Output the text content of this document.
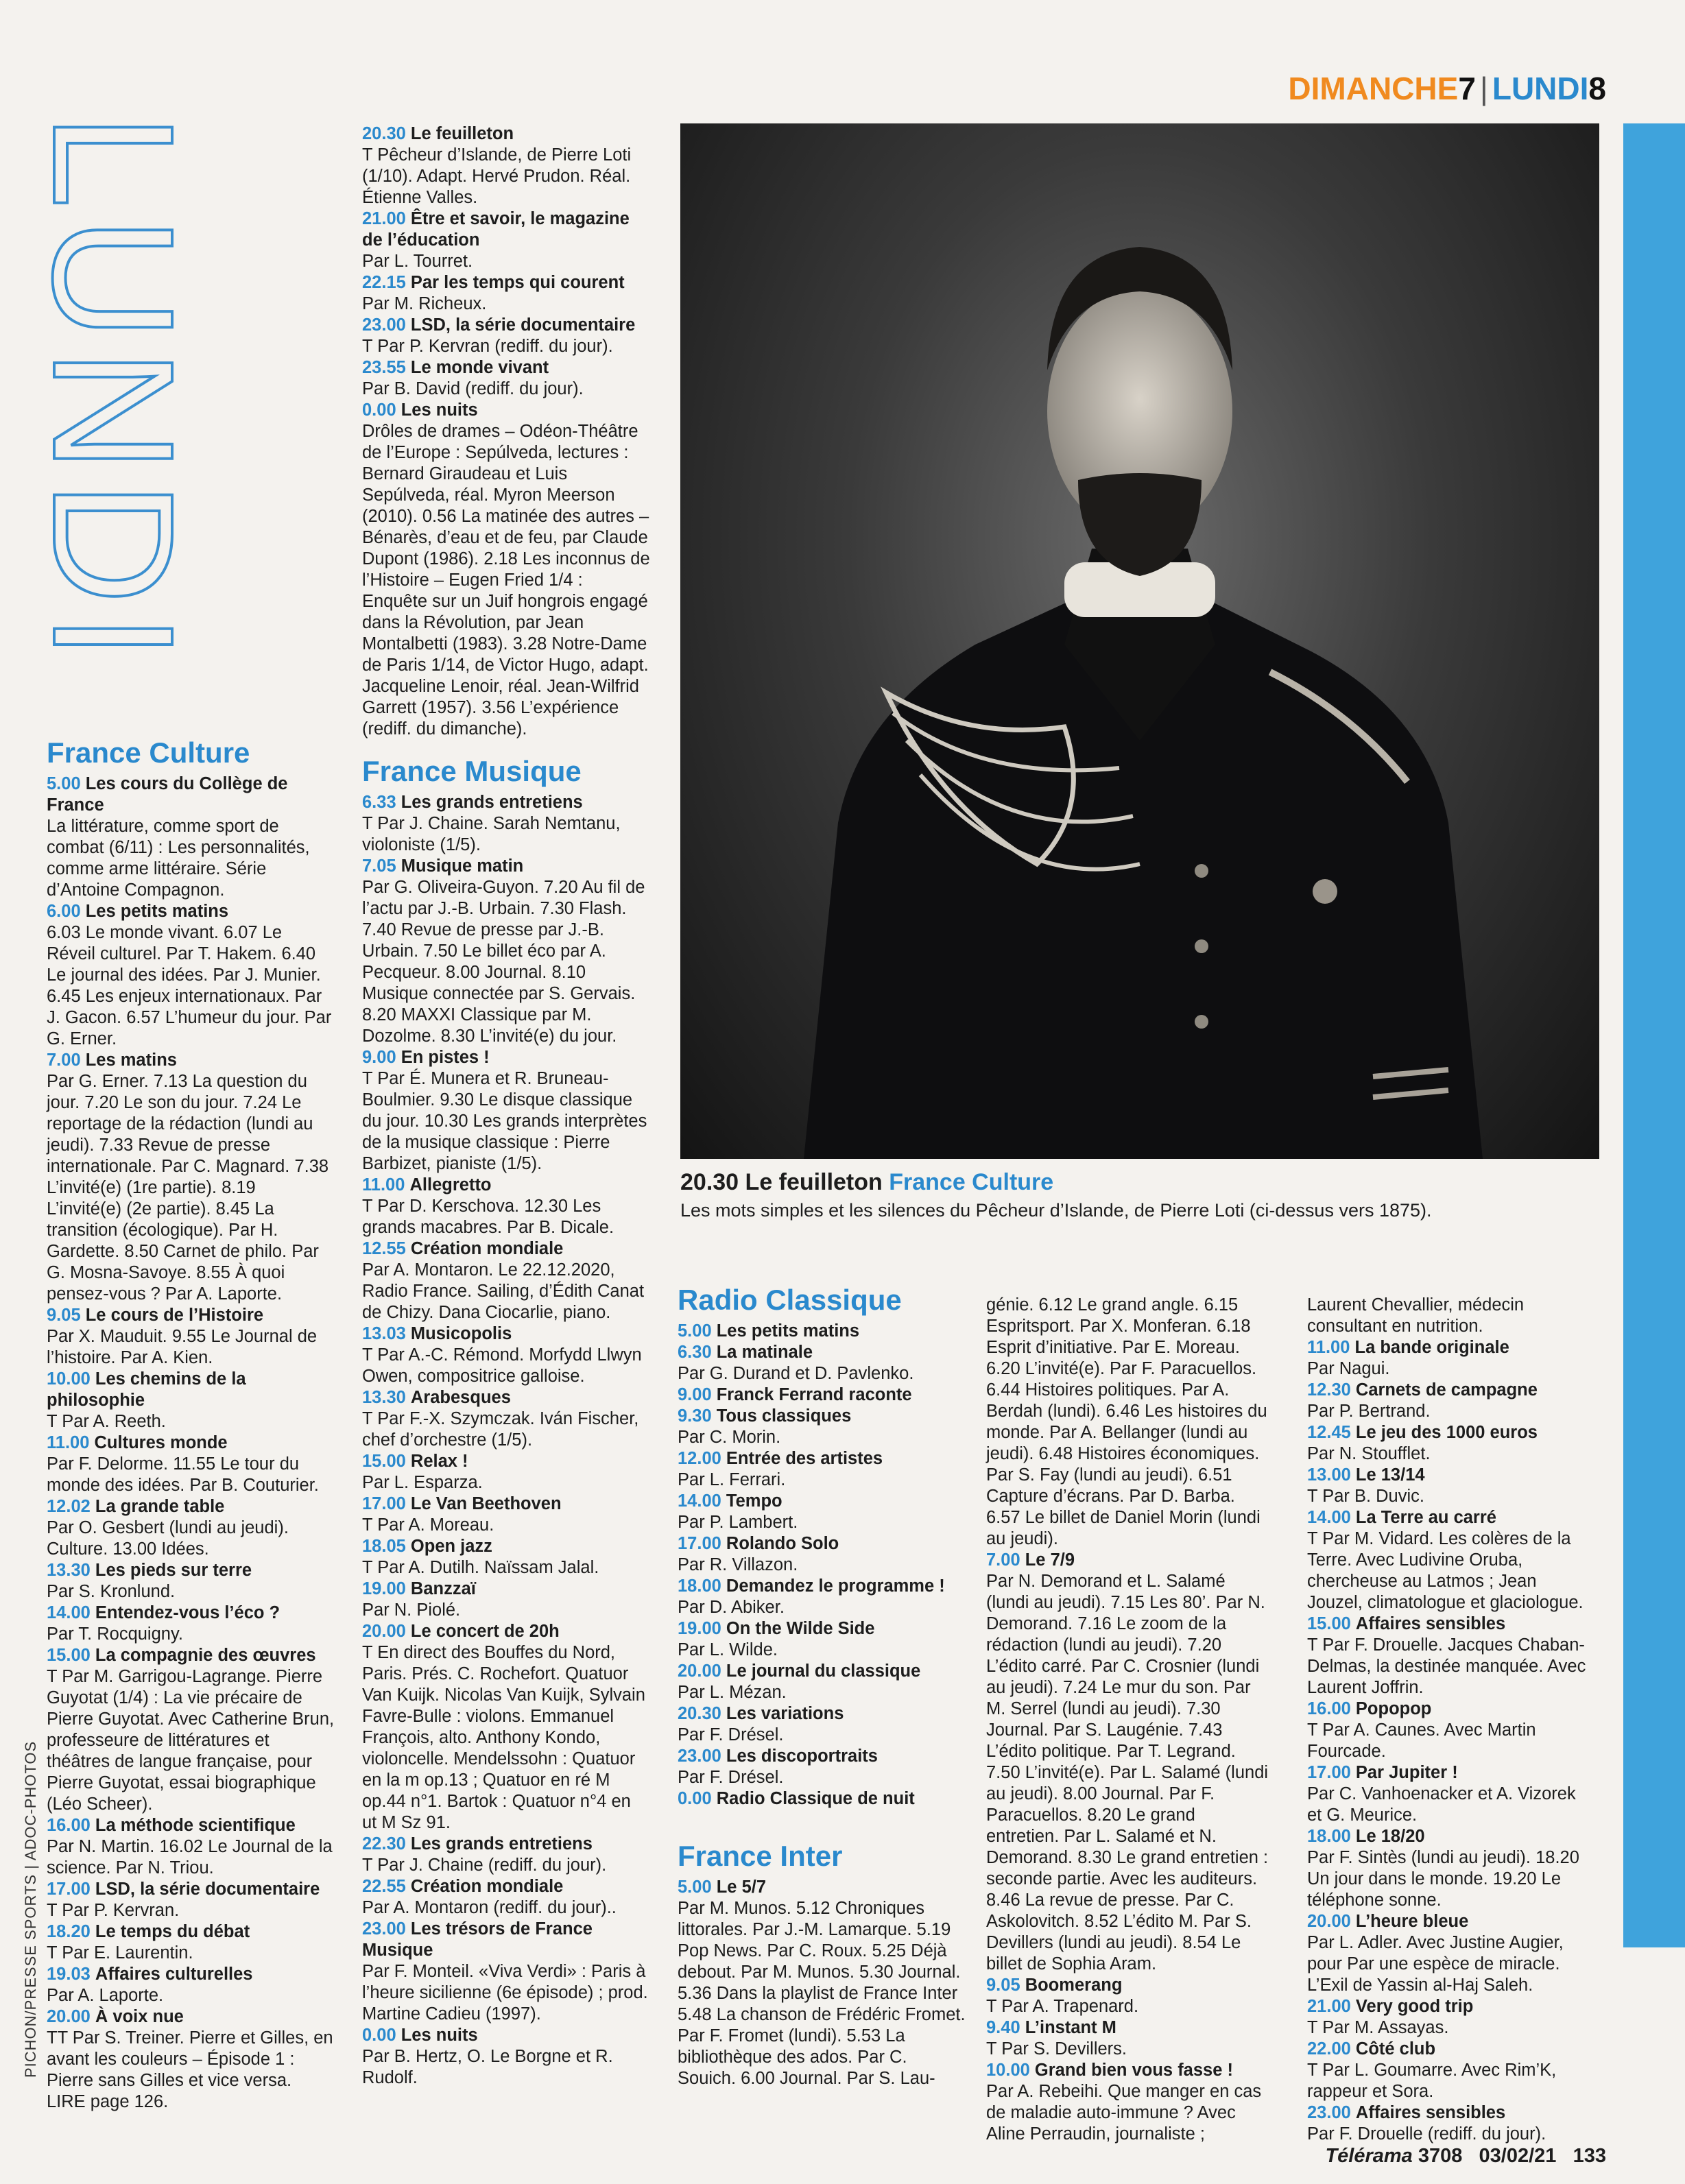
LUNDI
PICHON/PRESSE SPORTS | ADOC-PHOTOS
DIMANCHE7 | LUNDI8
France Culture

5.00 Les cours du Collège de France
La littérature, comme sport de combat (6/11) : Les personnalités, comme arme littéraire. Série d’Antoine Compagnon.

6.00 Les petits matins
6.03 Le monde vivant. 6.07 Le Réveil culturel. Par T. Hakem. 6.40 Le journal des idées. Par J. Munier. 6.45 Les enjeux internationaux. Par J. Gacon. 6.57 L’humeur du jour. Par G. Erner.

7.00 Les matins
Par G. Erner. 7.13 La question du jour. 7.20 Le son du jour. 7.24 Le reportage de la rédaction (lundi au jeudi). 7.33 Revue de presse internationale. Par C. Magnard. 7.38 L’invité(e) (1re partie). 8.19 L’invité(e) (2e partie). 8.45 La transition (écologique). Par H. Gardette. 8.50 Carnet de philo. Par G. Mosna-Savoye. 8.55 À quoi pensez-vous ? Par A. Laporte.

9.05 Le cours de l’Histoire
Par X. Mauduit. 9.55 Le Journal de l’histoire. Par A. Kien.

10.00 Les chemins de la philosophie
T Par A. Reeth.

11.00 Cultures monde
Par F. Delorme. 11.55 Le tour du monde des idées. Par B. Couturier.

12.02 La grande table
Par O. Gesbert (lundi au jeudi). Culture. 13.00 Idées.

13.30 Les pieds sur terre
Par S. Kronlund.

14.00 Entendez-vous l’éco ?
Par T. Rocquigny.

15.00 La compagnie des œuvres
T Par M. Garrigou-Lagrange. Pierre Guyotat (1/4) : La vie précaire de Pierre Guyotat. Avec Catherine Brun, professeure de littératures et théâtres de langue française, pour Pierre Guyotat, essai biographique (Léo Scheer).

16.00 La méthode scientifique
Par N. Martin. 16.02 Le Journal de la science. Par N. Triou.

17.00 LSD, la série documentaire
T Par P. Kervran.

18.20 Le temps du débat
T Par E. Laurentin.

19.03 Affaires culturelles
Par A. Laporte.

20.00 À voix nue
TT Par S. Treiner. Pierre et Gilles, en avant les couleurs – Épisode 1 : Pierre sans Gilles et vice versa. LIRE page 126.

20.30 Le feuilleton
T Pêcheur d’Islande, de Pierre Loti (1/10). Adapt. Hervé Prudon. Réal. Étienne Valles.

21.00 Être et savoir, le magazine de l’éducation
Par L. Tourret.

22.15 Par les temps qui courent
Par M. Richeux.

23.00 LSD, la série documentaire
T Par P. Kervran (rediff. du jour).

23.55 Le monde vivant
Par B. David (rediff. du jour).

0.00 Les nuits
Drôles de drames – Odéon-Théâtre de l’Europe : Sepúlveda, lectures : Bernard Giraudeau et Luis Sepúlveda, réal. Myron Meerson (2010). 0.56 La matinée des autres – Bénarès, d’eau et de feu, par Claude Dupont (1986). 2.18 Les inconnus de l’Histoire – Eugen Fried 1/4 : Enquête sur un Juif hongrois engagé dans la Révolution, par Jean Montalbetti (1983). 3.28 Notre-Dame de Paris 1/14, de Victor Hugo, adapt. Jacqueline Lenoir, réal. Jean-Wilfrid Garrett (1957). 3.56 L’expérience (rediff. du dimanche).

France Musique

6.33 Les grands entretiens
T Par J. Chaine. Sarah Nemtanu, violoniste (1/5).

7.05 Musique matin
Par G. Oliveira-Guyon. 7.20 Au fil de l’actu par J.-B. Urbain. 7.30 Flash. 7.40 Revue de presse par J.-B. Urbain. 7.50 Le billet éco par A. Pecqueur. 8.00 Journal. 8.10 Musique connectée par S. Gervais. 8.20 MAXXI Classique par M. Dozolme. 8.30 L’invité(e) du jour.

9.00 En pistes !
T Par É. Munera et R. Bruneau-Boulmier. 9.30 Le disque classique du jour. 10.30 Les grands interprètes de la musique classique : Pierre Barbizet, pianiste (1/5).

11.00 Allegretto
T Par D. Kerschova. 12.30 Les grands macabres. Par B. Dicale.

12.55 Création mondiale
Par A. Montaron. Le 22.12.2020, Radio France. Sailing, d’Édith Canat de Chizy. Dana Ciocarlie, piano.

13.03 Musicopolis
T Par A.-C. Rémond. Morfydd Llwyn Owen, compositrice galloise.

13.30 Arabesques
T Par F.-X. Szymczak. Iván Fischer, chef d’orchestre (1/5).

15.00 Relax !
Par L. Esparza.

17.00 Le Van Beethoven
T Par A. Moreau.

18.05 Open jazz
T Par A. Dutilh. Naïssam Jalal.

19.00 Banzzaï
Par N. Piolé.

20.00 Le concert de 20h
T En direct des Bouffes du Nord, Paris. Prés. C. Rochefort. Quatuor Van Kuijk. Nicolas Van Kuijk, Sylvain Favre-Bulle : violons. Emmanuel François, alto. Anthony Kondo, violoncelle. Mendelssohn : Quatuor en la m op.13 ; Quatuor en ré M op.44 n°1. Bartok : Quatuor n°4 en ut M Sz 91.

22.30 Les grands entretiens
T Par J. Chaine (rediff. du jour).

22.55 Création mondiale
Par A. Montaron (rediff. du jour)..

23.00 Les trésors de France Musique
Par F. Monteil. «Viva Verdi» : Paris à l’heure sicilienne (6e épisode) ; prod. Martine Cadieu (1997).

0.00 Les nuits
Par B. Hertz, O. Le Borgne et R. Rudolf.

20.30 Le feuilleton France Culture
Les mots simples et les silences du Pêcheur d’Islande, de Pierre Loti (ci-dessus vers 1875).
Radio Classique

5.00 Les petits matins

6.30 La matinale
Par G. Durand et D. Pavlenko.

9.00 Franck Ferrand raconte

9.30 Tous classiques
Par C. Morin.

12.00 Entrée des artistes
Par L. Ferrari.

14.00 Tempo
Par P. Lambert.

17.00 Rolando Solo
Par R. Villazon.

18.00 Demandez le programme !
Par D. Abiker.

19.00 On the Wilde Side
Par L. Wilde.

20.00 Le journal du classique
Par L. Mézan.

20.30 Les variations
Par F. Drésel.

23.00 Les discoportraits
Par F. Drésel.

0.00 Radio Classique de nuit

France Inter

5.00 Le 5/7
Par M. Munos. 5.12 Chroniques littorales. Par J.-M. Lamarque. 5.19 Pop News. Par C. Roux. 5.25 Déjà debout. Par M. Munos. 5.30 Journal. 5.36 Dans la playlist de France Inter 5.48 La chanson de Frédéric Fromet. Par F. Fromet (lundi). 5.53 La bibliothèque des ados. Par C. Souich. 6.00 Journal. Par S. Lau-

génie. 6.12 Le grand angle. 6.15 Espritsport. Par X. Monferan. 6.18 Esprit d’initiative. Par E. Moreau. 6.20 L’invité(e). Par F. Paracuellos. 6.44 Histoires politiques. Par A. Berdah (lundi). 6.46 Les histoires du monde. Par A. Bellanger (lundi au jeudi). 6.48 Histoires économiques. Par S. Fay (lundi au jeudi). 6.51 Capture d’écrans. Par D. Barba. 6.57 Le billet de Daniel Morin (lundi au jeudi).

7.00 Le 7/9
Par N. Demorand et L. Salamé (lundi au jeudi). 7.15 Les 80’. Par N. Demorand. 7.16 Le zoom de la rédaction (lundi au jeudi). 7.20 L’édito carré. Par C. Crosnier (lundi au jeudi). 7.24 Le mur du son. Par M. Serrel (lundi au jeudi). 7.30 Journal. Par S. Laugénie. 7.43 L’édito politique. Par T. Legrand. 7.50 L’invité(e). Par L. Salamé (lundi au jeudi). 8.00 Journal. Par F. Paracuellos. 8.20 Le grand entretien. Par L. Salamé et N. Demorand. 8.30 Le grand entretien : seconde partie. Avec les auditeurs. 8.46 La revue de presse. Par C. Askolovitch. 8.52 L’édito M. Par S. Devillers (lundi au jeudi). 8.54 Le billet de Sophia Aram.

9.05 Boomerang
T Par A. Trapenard.

9.40 L’instant M
T Par S. Devillers.

10.00 Grand bien vous fasse !
Par A. Rebeihi. Que manger en cas de maladie auto-immune ? Avec Aline Perraudin, journaliste ;

Laurent Chevallier, médecin consultant en nutrition.

11.00 La bande originale
Par Nagui.

12.30 Carnets de campagne
Par P. Bertrand.

12.45 Le jeu des 1000 euros
Par N. Stoufflet.

13.00 Le 13/14
T Par B. Duvic.

14.00 La Terre au carré
T Par M. Vidard. Les colères de la Terre. Avec Ludivine Oruba, chercheuse au Latmos ; Jean Jouzel, climatologue et glaciologue.

15.00 Affaires sensibles
T Par F. Drouelle. Jacques Chaban-Delmas, la destinée manquée. Avec Laurent Joffrin.

16.00 Popopop
T Par A. Caunes. Avec Martin Fourcade.

17.00 Par Jupiter !
Par C. Vanhoenacker et A. Vizorek et G. Meurice.

18.00 Le 18/20
Par F. Sintès (lundi au jeudi). 18.20 Un jour dans le monde. 19.20 Le téléphone sonne.

20.00 L’heure bleue
Par L. Adler. Avec Justine Augier, pour Par une espèce de miracle. L’Exil de Yassin al-Haj Saleh.

21.00 Very good trip
T Par M. Assayas.

22.00 Côté club
T Par L. Goumarre. Avec Rim’K, rappeur et Sora.

23.00 Affaires sensibles
Par F. Drouelle (rediff. du jour).

Télérama 3708 03/02/21 133
